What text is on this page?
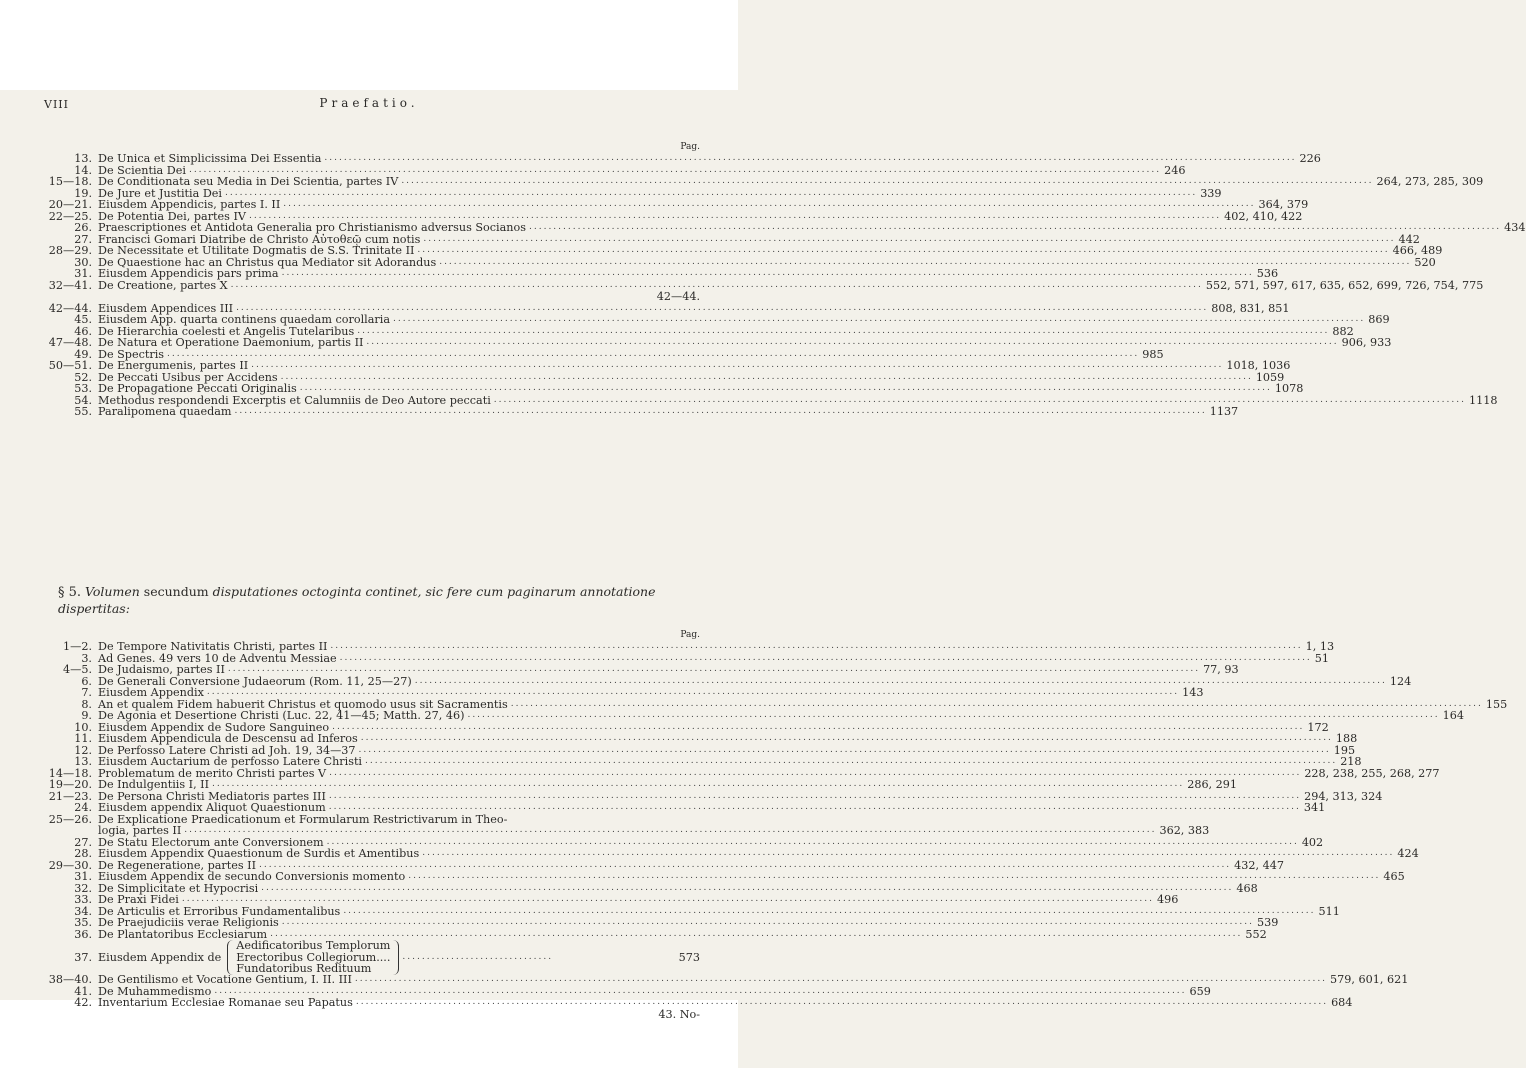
VIII	Praefatio.
Pag.
13. De Unica et Simplicissima Dei Essentia ........................................................................................................................................................................................................ 226
14. De Scientia Dei ........................................................................................................................................................................................................ 246
15—18. De Conditionata seu Media in Dei Scientia, partes IV ........................................................................................................................................................................................................ 264, 273, 285, 309
19. De Jure et Justitia Dei ........................................................................................................................................................................................................ 339
20—21. Eiusdem Appendicis, partes I. II ........................................................................................................................................................................................................ 364, 379
22—25. De Potentia Dei, partes IV ........................................................................................................................................................................................................ 402, 410, 422
26. Praescriptiones et Antidota Generalia pro Christianismo adversus Socianos ........................................................................................................................................................................................................ 434
27. Francisci Gomari Diatribe de Christo Αὐτοθεῷ cum notis ........................................................................................................................................................................................................ 442
28—29. De Necessitate et Utilitate Dogmatis de S.S. Trinitate II ........................................................................................................................................................................................................ 466, 489
30. De Quaestione hac an Christus qua Mediator sit Adorandus ........................................................................................................................................................................................................ 520
31. Eiusdem Appendicis pars prima ........................................................................................................................................................................................................ 536
32—41. De Creatione, partes X ........................................................................................................................................................................................................ 552, 571, 597, 617, 635, 652, 699, 726, 754, 775
42—44.
42—44. Eiusdem Appendices III ........................................................................................................................................................................................................ 808, 831, 851
45. Eiusdem App. quarta continens quaedam corollaria ........................................................................................................................................................................................................ 869
46. De Hierarchia coelesti et Angelis Tutelaribus ........................................................................................................................................................................................................ 882
47—48. De Natura et Operatione Daemonium, partis II ........................................................................................................................................................................................................ 906, 933
49. De Spectris ........................................................................................................................................................................................................ 985
50—51. De Energumenis, partes II ........................................................................................................................................................................................................ 1018, 1036
52. De Peccati Usibus per Accidens ........................................................................................................................................................................................................ 1059
53. De Propagatione Peccati Originalis ........................................................................................................................................................................................................ 1078
54. Methodus respondendi Excerptis et Calumniis de Deo Autore peccati ........................................................................................................................................................................................................ 1118
55. Paralipomena quaedam ........................................................................................................................................................................................................ 1137
§ 5. Volumen secundum disputationes octoginta continet, sic fere cum paginarum annotatione dispertitas:
Pag.
1—2. De Tempore Nativitatis Christi, partes II ........................................................................................................................................................................................................ 1, 13
3. Ad Genes. 49 vers 10 de Adventu Messiae ........................................................................................................................................................................................................ 51
4—5. De Judaismo, partes II ........................................................................................................................................................................................................ 77, 93
6. De Generali Conversione Judaeorum (Rom. 11, 25—27) ........................................................................................................................................................................................................ 124
7. Eiusdem Appendix ........................................................................................................................................................................................................ 143
8. An et qualem Fidem habuerit Christus et quomodo usus sit Sacramentis ........................................................................................................................................................................................................ 155
9. De Agonia et Desertione Christi (Luc. 22, 41—45; Matth. 27, 46) ........................................................................................................................................................................................................ 164
10. Eiusdem Appendix de Sudore Sanguineo ........................................................................................................................................................................................................ 172
11. Eiusdem Appendicula de Descensu ad Inferos ........................................................................................................................................................................................................ 188
12. De Perfosso Latere Christi ad Joh. 19, 34—37 ........................................................................................................................................................................................................ 195
13. Eiusdem Auctarium de perfosso Latere Christi ........................................................................................................................................................................................................ 218
14—18. Problematum de merito Christi partes V ........................................................................................................................................................................................................ 228, 238, 255, 268, 277
19—20. De Indulgentiis I, II ........................................................................................................................................................................................................ 286, 291
21—23. De Persona Christi Mediatoris partes III ........................................................................................................................................................................................................ 294, 313, 324
24. Eiusdem appendix Aliquot Quaestionum ........................................................................................................................................................................................................ 341
25—26. De Explicatione Praedicationum et Formularum Restrictivarum in Theo-
logia, partes II ........................................................................................................................................................................................................ 362, 383
27. De Statu Electorum ante Conversionem ........................................................................................................................................................................................................ 402
28. Eiusdem Appendix Quaestionum de Surdis et Amentibus ........................................................................................................................................................................................................ 424
29—30. De Regeneratione, partes II ........................................................................................................................................................................................................ 432, 447
31. Eiusdem Appendix de secundo Conversionis momento ........................................................................................................................................................................................................ 465
32. De Simplicitate et Hypocrisi ........................................................................................................................................................................................................ 468
33. De Praxi Fidei ........................................................................................................................................................................................................ 496
34. De Articulis et Erroribus Fundamentalibus ........................................................................................................................................................................................................ 511
35. De Praejudiciis verae Religionis ........................................................................................................................................................................................................ 539
36. De Plantatoribus Ecclesiarum ........................................................................................................................................................................................................ 552
37. Eiusdem Appendix de
Aedificatoribus Templorum
Erectoribus Collegiorum....
Fundatoribus Redituum
...............................	573
38—40. De Gentilismo et Vocatione Gentium, I. II. III ........................................................................................................................................................................................................ 579, 601, 621
41. De Muhammedismo ........................................................................................................................................................................................................ 659
42. Inventarium Ecclesiae Romanae seu Papatus ........................................................................................................................................................................................................ 684
43. No-
